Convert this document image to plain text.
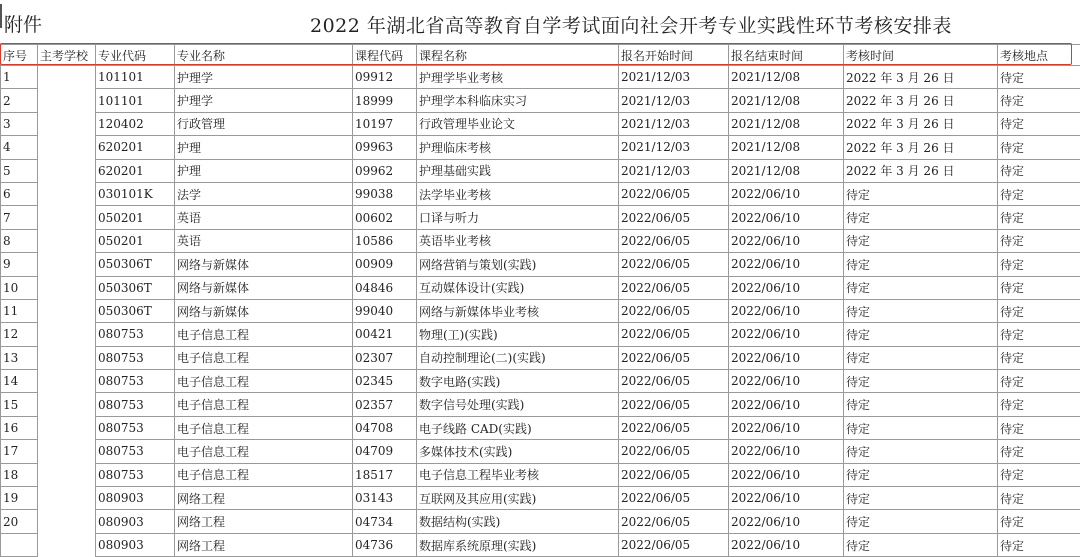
附件	2022 年湖北省高等教育自学考试面向社会开考专业实践性环节考核安排表
序号	主考学校	专业代码	专业名称	课程代码	课程名称	报名开始时间	报名结束时间	考核时间	考核地点
1		101101	护理学	09912	护理学毕业考核	2021/12/03	2021/12/08	2022 年 3 月 26 日	待定
2		101101	护理学	18999	护理学本科临床实习	2021/12/03	2021/12/08	2022 年 3 月 26 日	待定
3		120402	行政管理	10197	行政管理毕业论文	2021/12/03	2021/12/08	2022 年 3 月 26 日	待定
4		620201	护理	09963	护理临床考核	2021/12/03	2021/12/08	2022 年 3 月 26 日	待定
5		620201	护理	09962	护理基础实践	2021/12/03	2021/12/08	2022 年 3 月 26 日	待定
6		030101K	法学	99038	法学毕业考核	2022/06/05	2022/06/10	待定	待定
7		050201	英语	00602	口译与听力	2022/06/05	2022/06/10	待定	待定
8		050201	英语	10586	英语毕业考核	2022/06/05	2022/06/10	待定	待定
9		050306T	网络与新媒体	00909	网络营销与策划(实践)	2022/06/05	2022/06/10	待定	待定
10		050306T	网络与新媒体	04846	互动媒体设计(实践)	2022/06/05	2022/06/10	待定	待定
11		050306T	网络与新媒体	99040	网络与新媒体毕业考核	2022/06/05	2022/06/10	待定	待定
12		080753	电子信息工程	00421	物理(工)(实践)	2022/06/05	2022/06/10	待定	待定
13		080753	电子信息工程	02307	自动控制理论(二)(实践)	2022/06/05	2022/06/10	待定	待定
14		080753	电子信息工程	02345	数字电路(实践)	2022/06/05	2022/06/10	待定	待定
15		080753	电子信息工程	02357	数字信号处理(实践)	2022/06/05	2022/06/10	待定	待定
16		080753	电子信息工程	04708	电子线路 CAD(实践)	2022/06/05	2022/06/10	待定	待定
17		080753	电子信息工程	04709	多媒体技术(实践)	2022/06/05	2022/06/10	待定	待定
18		080753	电子信息工程	18517	电子信息工程毕业考核	2022/06/05	2022/06/10	待定	待定
19		080903	网络工程	03143	互联网及其应用(实践)	2022/06/05	2022/06/10	待定	待定
20		080903	网络工程	04734	数据结构(实践)	2022/06/05	2022/06/10	待定	待定
		080903	网络工程	04736	数据库系统原理(实践)	2022/06/05	2022/06/10	待定	待定
